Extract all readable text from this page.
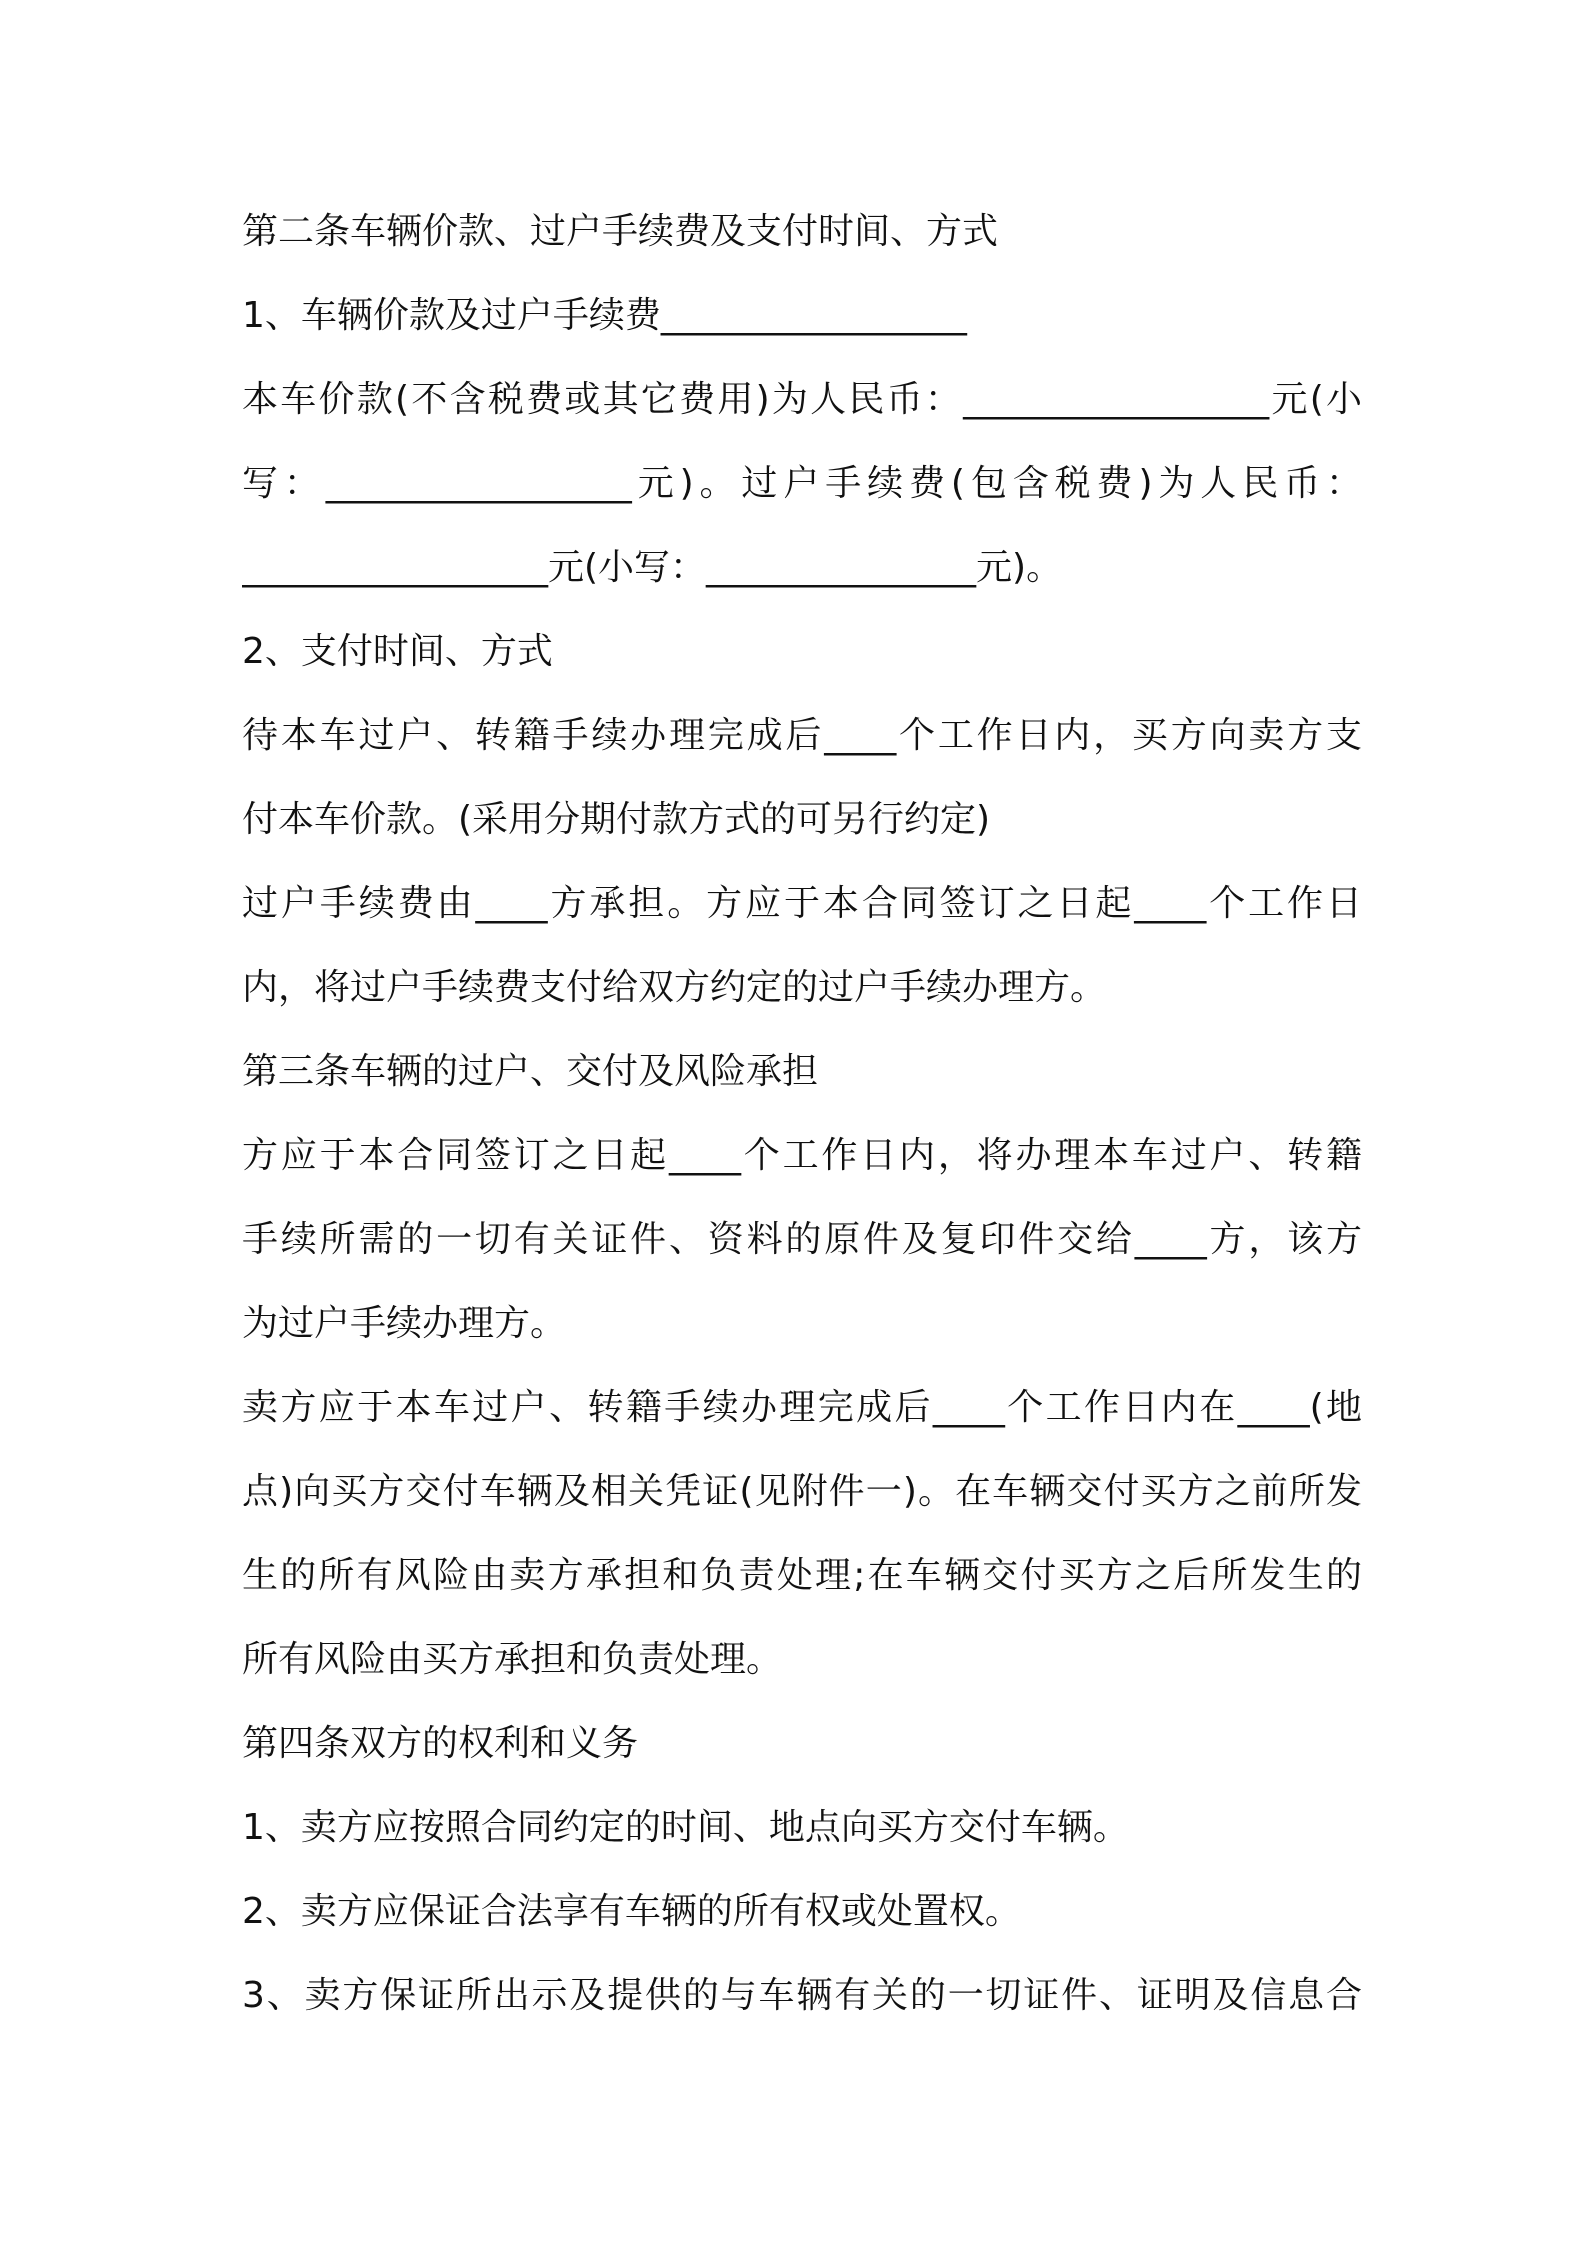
第二条车辆价款、过户手续费及支付时间、方式
1、车辆价款及过户手续费_________________
本车价款(不含税费或其它费用)为人民币：_________________元(小
写：_________________元)。过户手续费(包含税费)为人民币：
_________________元(小写：_______________元)。
2、支付时间、方式
待本车过户、转籍手续办理完成后____个工作日内，买方向卖方支
付本车价款。(采用分期付款方式的可另行约定)
过户手续费由____方承担。方应于本合同签订之日起____个工作日
内，将过户手续费支付给双方约定的过户手续办理方。
第三条车辆的过户、交付及风险承担
方应于本合同签订之日起____个工作日内，将办理本车过户、转籍
手续所需的一切有关证件、资料的原件及复印件交给____方，该方
为过户手续办理方。
卖方应于本车过户、转籍手续办理完成后____个工作日内在____(地
点)向买方交付车辆及相关凭证(见附件一)。在车辆交付买方之前所发
生的所有风险由卖方承担和负责处理;在车辆交付买方之后所发生的
所有风险由买方承担和负责处理。
第四条双方的权利和义务
1、卖方应按照合同约定的时间、地点向买方交付车辆。
2、卖方应保证合法享有车辆的所有权或处置权。
3、卖方保证所出示及提供的与车辆有关的一切证件、证明及信息合
